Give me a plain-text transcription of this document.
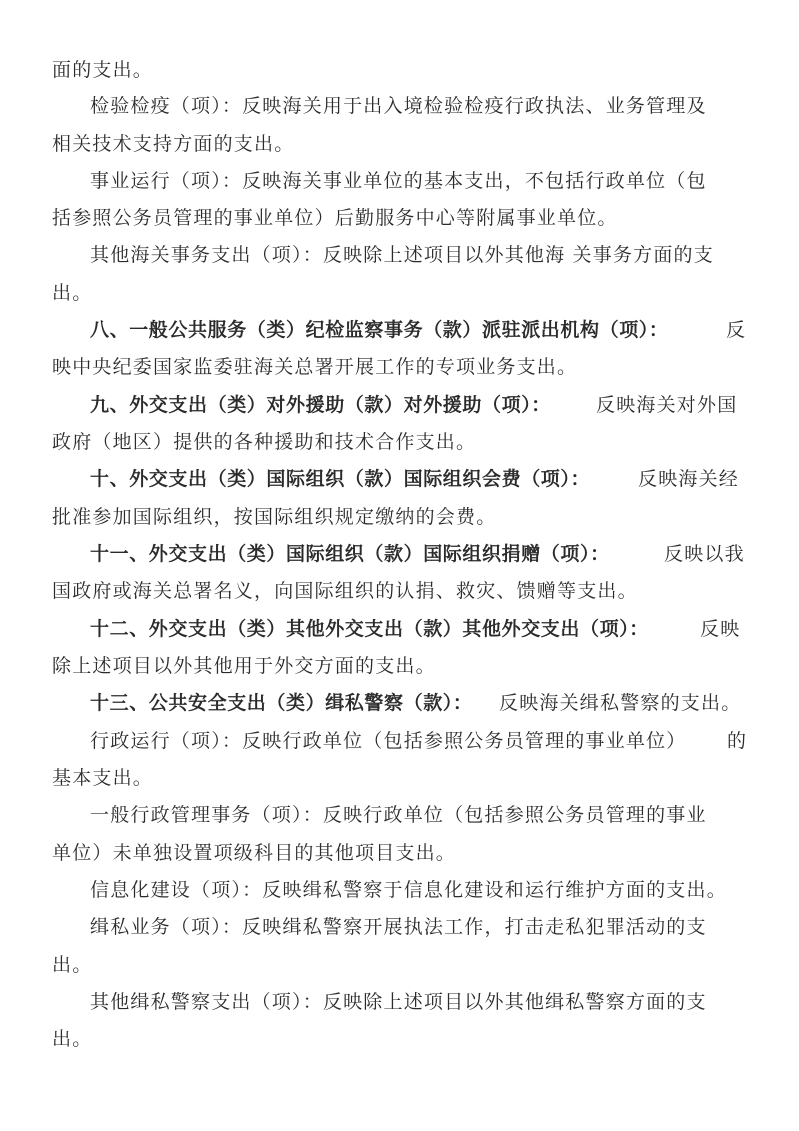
面的支出。
检验检疫（项）：反映海关用于出入境检验检疫行政执法、业务管理及
相关技术支持方面的支出。
事业运行（项）：反映海关事业单位的基本支出，不包括行政单位（包
括参照公务员管理的事业单位）后勤服务中心等附属事业单位。
其他海关事务支出（项）：反映除上述项目以外其他海 关事务方面的支
出。
八、一般公共服务（类）纪检监察事务（款）派驻派出机构（项）：	反
映中央纪委国家监委驻海关总署开展工作的专项业务支出。
九、外交支出（类）对外援助（款）对外援助（项）： 反映海关对外国
政府（地区）提供的各种援助和技术合作支出。
十、外交支出（类）国际组织（款）国际组织会费（项）：	反映海关经
批准参加国际组织，按国际组织规定缴纳的会费。
十一、外交支出（类）国际组织（款）国际组织捐赠（项）：	反映以我
国政府或海关总署名义，向国际组织的认捐、救灾、馈赠等支出。
十二、外交支出（类）其他外交支出（款）其他外交支出（项）：	反映
除上述项目以外其他用于外交方面的支出。
十三、公共安全支出（类）缉私警察（款）： 反映海关缉私警察的支出。
行政运行（项）：反映行政单位（包括参照公务员管理的事业单位） 的
基本支出。
一般行政管理事务（项）：反映行政单位（包括参照公务员管理的事业
单位）未单独设置项级科目的其他项目支出。
信息化建设（项）：反映缉私警察于信息化建设和运行维护方面的支出。
缉私业务（项）：反映缉私警察开展执法工作，打击走私犯罪活动的支
出。
其他缉私警察支出（项）：反映除上述项目以外其他缉私警察方面的支
出。
